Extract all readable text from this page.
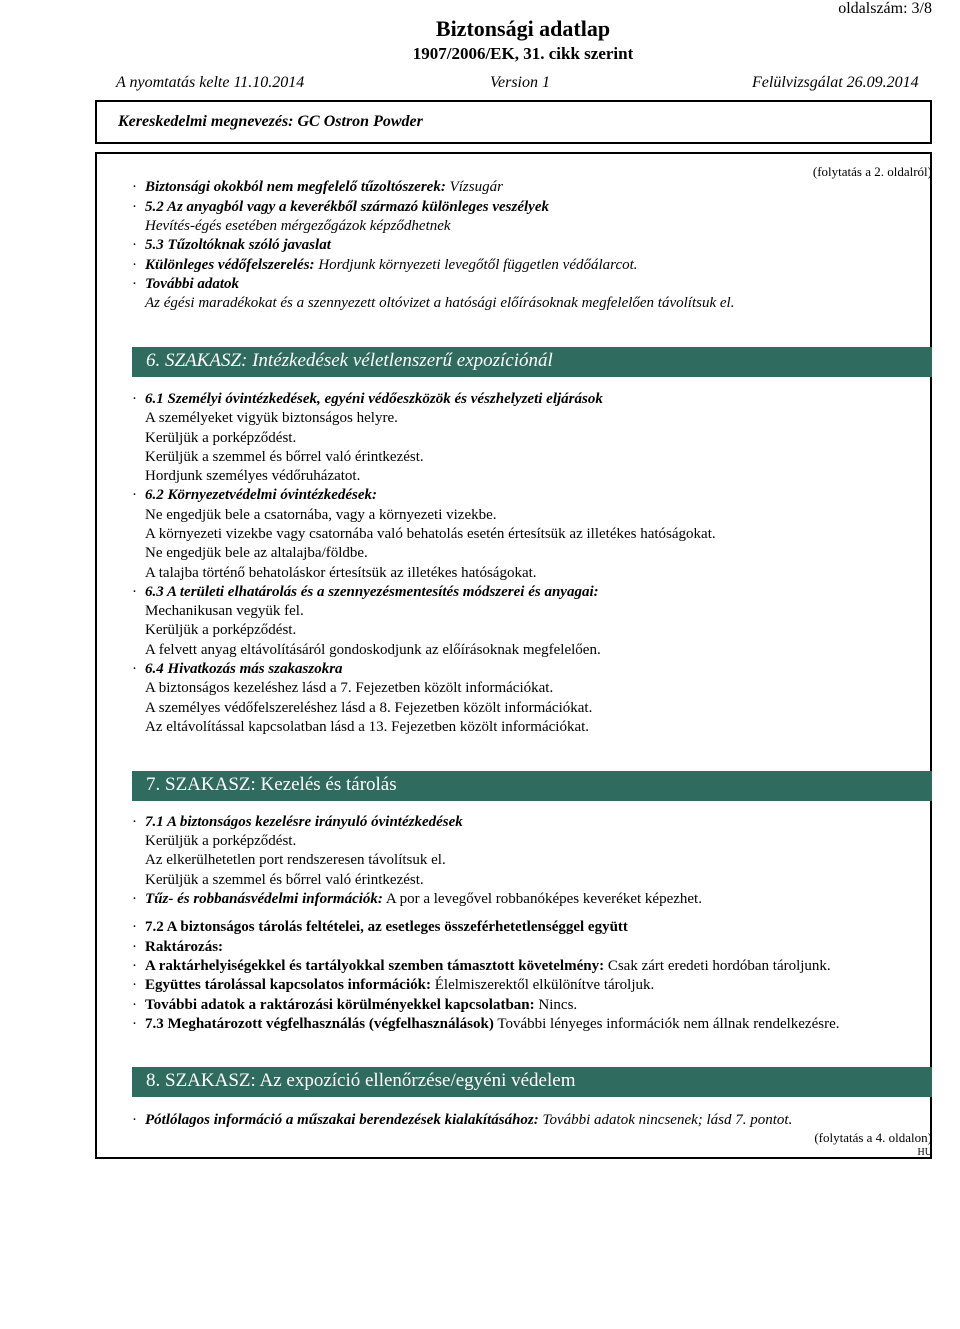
oldalszám: 3/8
Biztonsági adatlap
1907/2006/EK, 31. cikk szerint
A nyomtatás kelte 11.10.2014	Version 1	Felülvizsgálat 26.09.2014
Kereskedelmi megnevezés: GC Ostron Powder
(folytatás a 2. oldalról)
· Biztonsági okokból nem megfelelő tűzoltószerek: Vízsugár
· 5.2 Az anyagból vagy a keverékből származó különleges veszélyek
Hevítés-égés esetében mérgezőgázok képződhetnek
· 5.3 Tűzoltóknak szóló javaslat
· Különleges védőfelszerelés: Hordjunk környezeti levegőtől független védőálarcot.
· További adatok
Az égési maradékokat és a szennyezett oltóvizet a hatósági előírásoknak megfelelően távolítsuk el.
6. SZAKASZ: Intézkedések véletlenszerű expozíciónál
· 6.1 Személyi óvintézkedések, egyéni védőeszközök és vészhelyzeti eljárások
A személyeket vigyük biztonságos helyre.
Kerüljük a porképződést.
Kerüljük a szemmel és bőrrel való érintkezést.
Hordjunk személyes védőruházatot.
· 6.2 Környezetvédelmi óvintézkedések:
Ne engedjük bele a csatornába, vagy a környezeti vizekbe.
A környezeti vizekbe vagy csatornába való behatolás esetén értesítsük az illetékes hatóságokat.
Ne engedjük bele az altalajba/földbe.
A talajba történő behatoláskor értesítsük az illetékes hatóságokat.
· 6.3 A területi elhatárolás és a szennyezésmentesítés módszerei és anyagai:
Mechanikusan vegyük fel.
Kerüljük a porképződést.
A felvett anyag eltávolításáról gondoskodjunk az előírásoknak megfelelően.
· 6.4 Hivatkozás más szakaszokra
A biztonságos kezeléshez lásd a 7. Fejezetben közölt információkat.
A személyes védőfelszereléshez lásd a 8. Fejezetben közölt információkat.
Az eltávolítással kapcsolatban lásd a 13. Fejezetben közölt információkat.
7. SZAKASZ: Kezelés és tárolás
· 7.1 A biztonságos kezelésre irányuló óvintézkedések
Kerüljük a porképződést.
Az elkerülhetetlen port rendszeresen távolítsuk el.
Kerüljük a szemmel és bőrrel való érintkezést.
· Tűz- és robbanásvédelmi információk: A por a levegővel robbanóképes keveréket képezhet.
· 7.2 A biztonságos tárolás feltételei, az esetleges összeférhetetlenséggel együtt
· Raktározás:
· A raktárhelyiségekkel és tartályokkal szemben támasztott követelmény: Csak zárt eredeti hordóban tároljunk.
· Együttes tárolással kapcsolatos információk: Élelmiszerektől elkülönítve tároljuk.
· További adatok a raktározási körülményekkel kapcsolatban: Nincs.
· 7.3 Meghatározott végfelhasználás (végfelhasználások) További lényeges információk nem állnak rendelkezésre.
8. SZAKASZ: Az expozíció ellenőrzése/egyéni védelem
· Pótlólagos információ a műszakai berendezések kialakításához: További adatok nincsenek; lásd 7. pontot.
(folytatás a 4. oldalon)
HU
